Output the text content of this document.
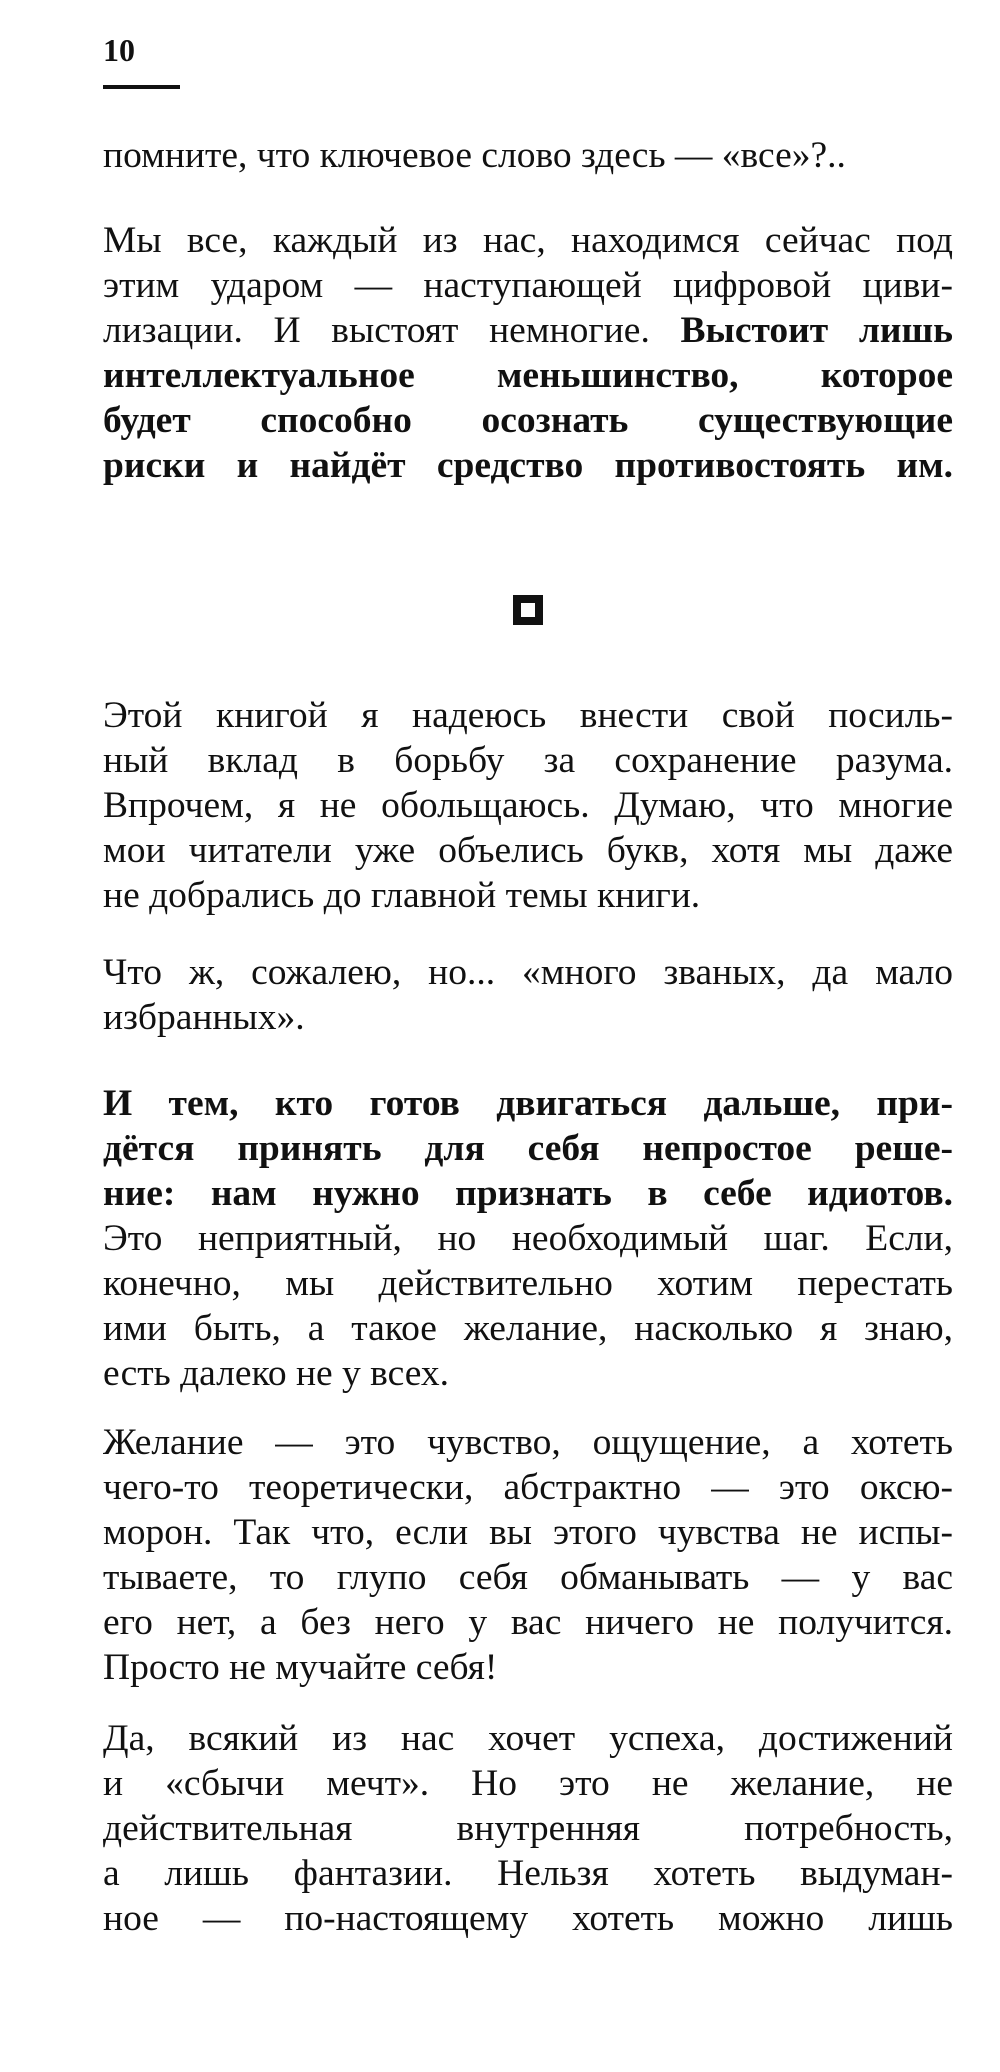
10

помните, что ключевое слово здесь — «все»?..

Мы все, каждый из нас, находимся сейчас под
этим ударом — наступающей цифровой циви-
лизации. И выстоят немногие. Выстоит лишь
интеллектуальное меньшинство, которое
будет способно осознать существующие
риски и найдёт средство противостоять им.

Этой книгой я надеюсь внести свой посиль-
ный вклад в борьбу за сохранение разума.
Впрочем, я не обольщаюсь. Думаю, что многие
мои читатели уже объелись букв, хотя мы даже
не добрались до главной темы книги.

Что ж, сожалею, но... «много званых, да мало
избранных».

И тем, кто готов двигаться дальше, при-
дётся принять для себя непростое реше-
ние: нам нужно признать в себе идиотов.
Это неприятный, но необходимый шаг. Если,
конечно, мы действительно хотим перестать
ими быть, а такое желание, насколько я знаю,
есть далеко не у всех.

Желание — это чувство, ощущение, а хотеть
чего-то теоретически, абстрактно — это оксю-
морон. Так что, если вы этого чувства не испы-
тываете, то глупо себя обманывать — у вас
его нет, а без него у вас ничего не получится.
Просто не мучайте себя!

Да, всякий из нас хочет успеха, достижений
и «сбычи мечт». Но это не желание, не
действительная внутренняя потребность,
а лишь фантазии. Нельзя хотеть выдуман-
ное — по-настоящему хотеть можно лишь
